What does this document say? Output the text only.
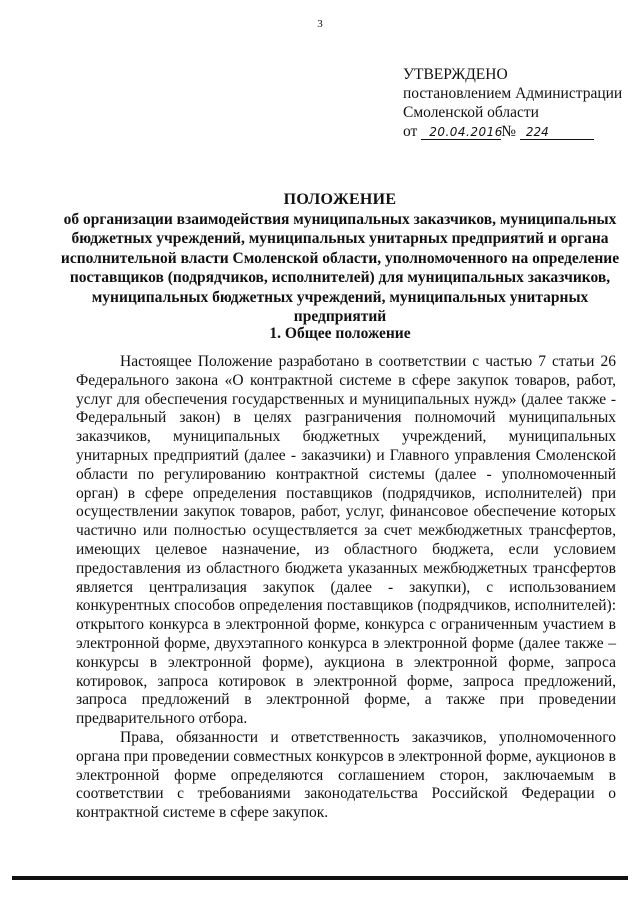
3
УТВЕРЖДЕНО
постановлением Администрации
Смоленской области
от 20.04.2016№ 224
ПОЛОЖЕНИЕ
об организации взаимодействия муниципальных заказчиков, муниципальных бюджетных учреждений, муниципальных унитарных предприятий и органа исполнительной власти Смоленской области, уполномоченного на определение поставщиков (подрядчиков, исполнителей) для муниципальных заказчиков, муниципальных бюджетных учреждений, муниципальных унитарных предприятий
1. Общее положение

Настоящее Положение разработано в соответствии с частью 7 статьи 26 Федерального закона «О контрактной системе в сфере закупок товаров, работ, услуг для обеспечения государственных и муниципальных нужд» (далее также - Федеральный закон) в целях разграничения полномочий муниципальных заказчиков, муниципальных бюджетных учреждений, муниципальных унитарных предприятий (далее - заказчики) и Главного управления Смоленской области по регулированию контрактной системы (далее - уполномоченный орган) в сфере определения поставщиков (подрядчиков, исполнителей) при осуществлении закупок товаров, работ, услуг, финансовое обеспечение которых частично или полностью осуществляется за счет межбюджетных трансфертов, имеющих целевое назначение, из областного бюджета, если условием предоставления из областного бюджета указанных межбюджетных трансфертов является централизация закупок (далее - закупки), с использованием конкурентных способов определения поставщиков (подрядчиков, исполнителей): открытого конкурса в электронной форме, конкурса с ограниченным участием в электронной форме, двухэтапного конкурса в электронной форме (далее также – конкурсы в электронной форме), аукциона в электронной форме, запроса котировок, запроса котировок в электронной форме, запроса предложений, запроса предложений в электронной форме, а также при проведении предварительного отбора.

Права, обязанности и ответственность заказчиков, уполномоченного органа при проведении совместных конкурсов в электронной форме, аукционов в электронной форме определяются соглашением сторон, заключаемым в соответствии с требованиями законодательства Российской Федерации о контрактной системе в сфере закупок.
